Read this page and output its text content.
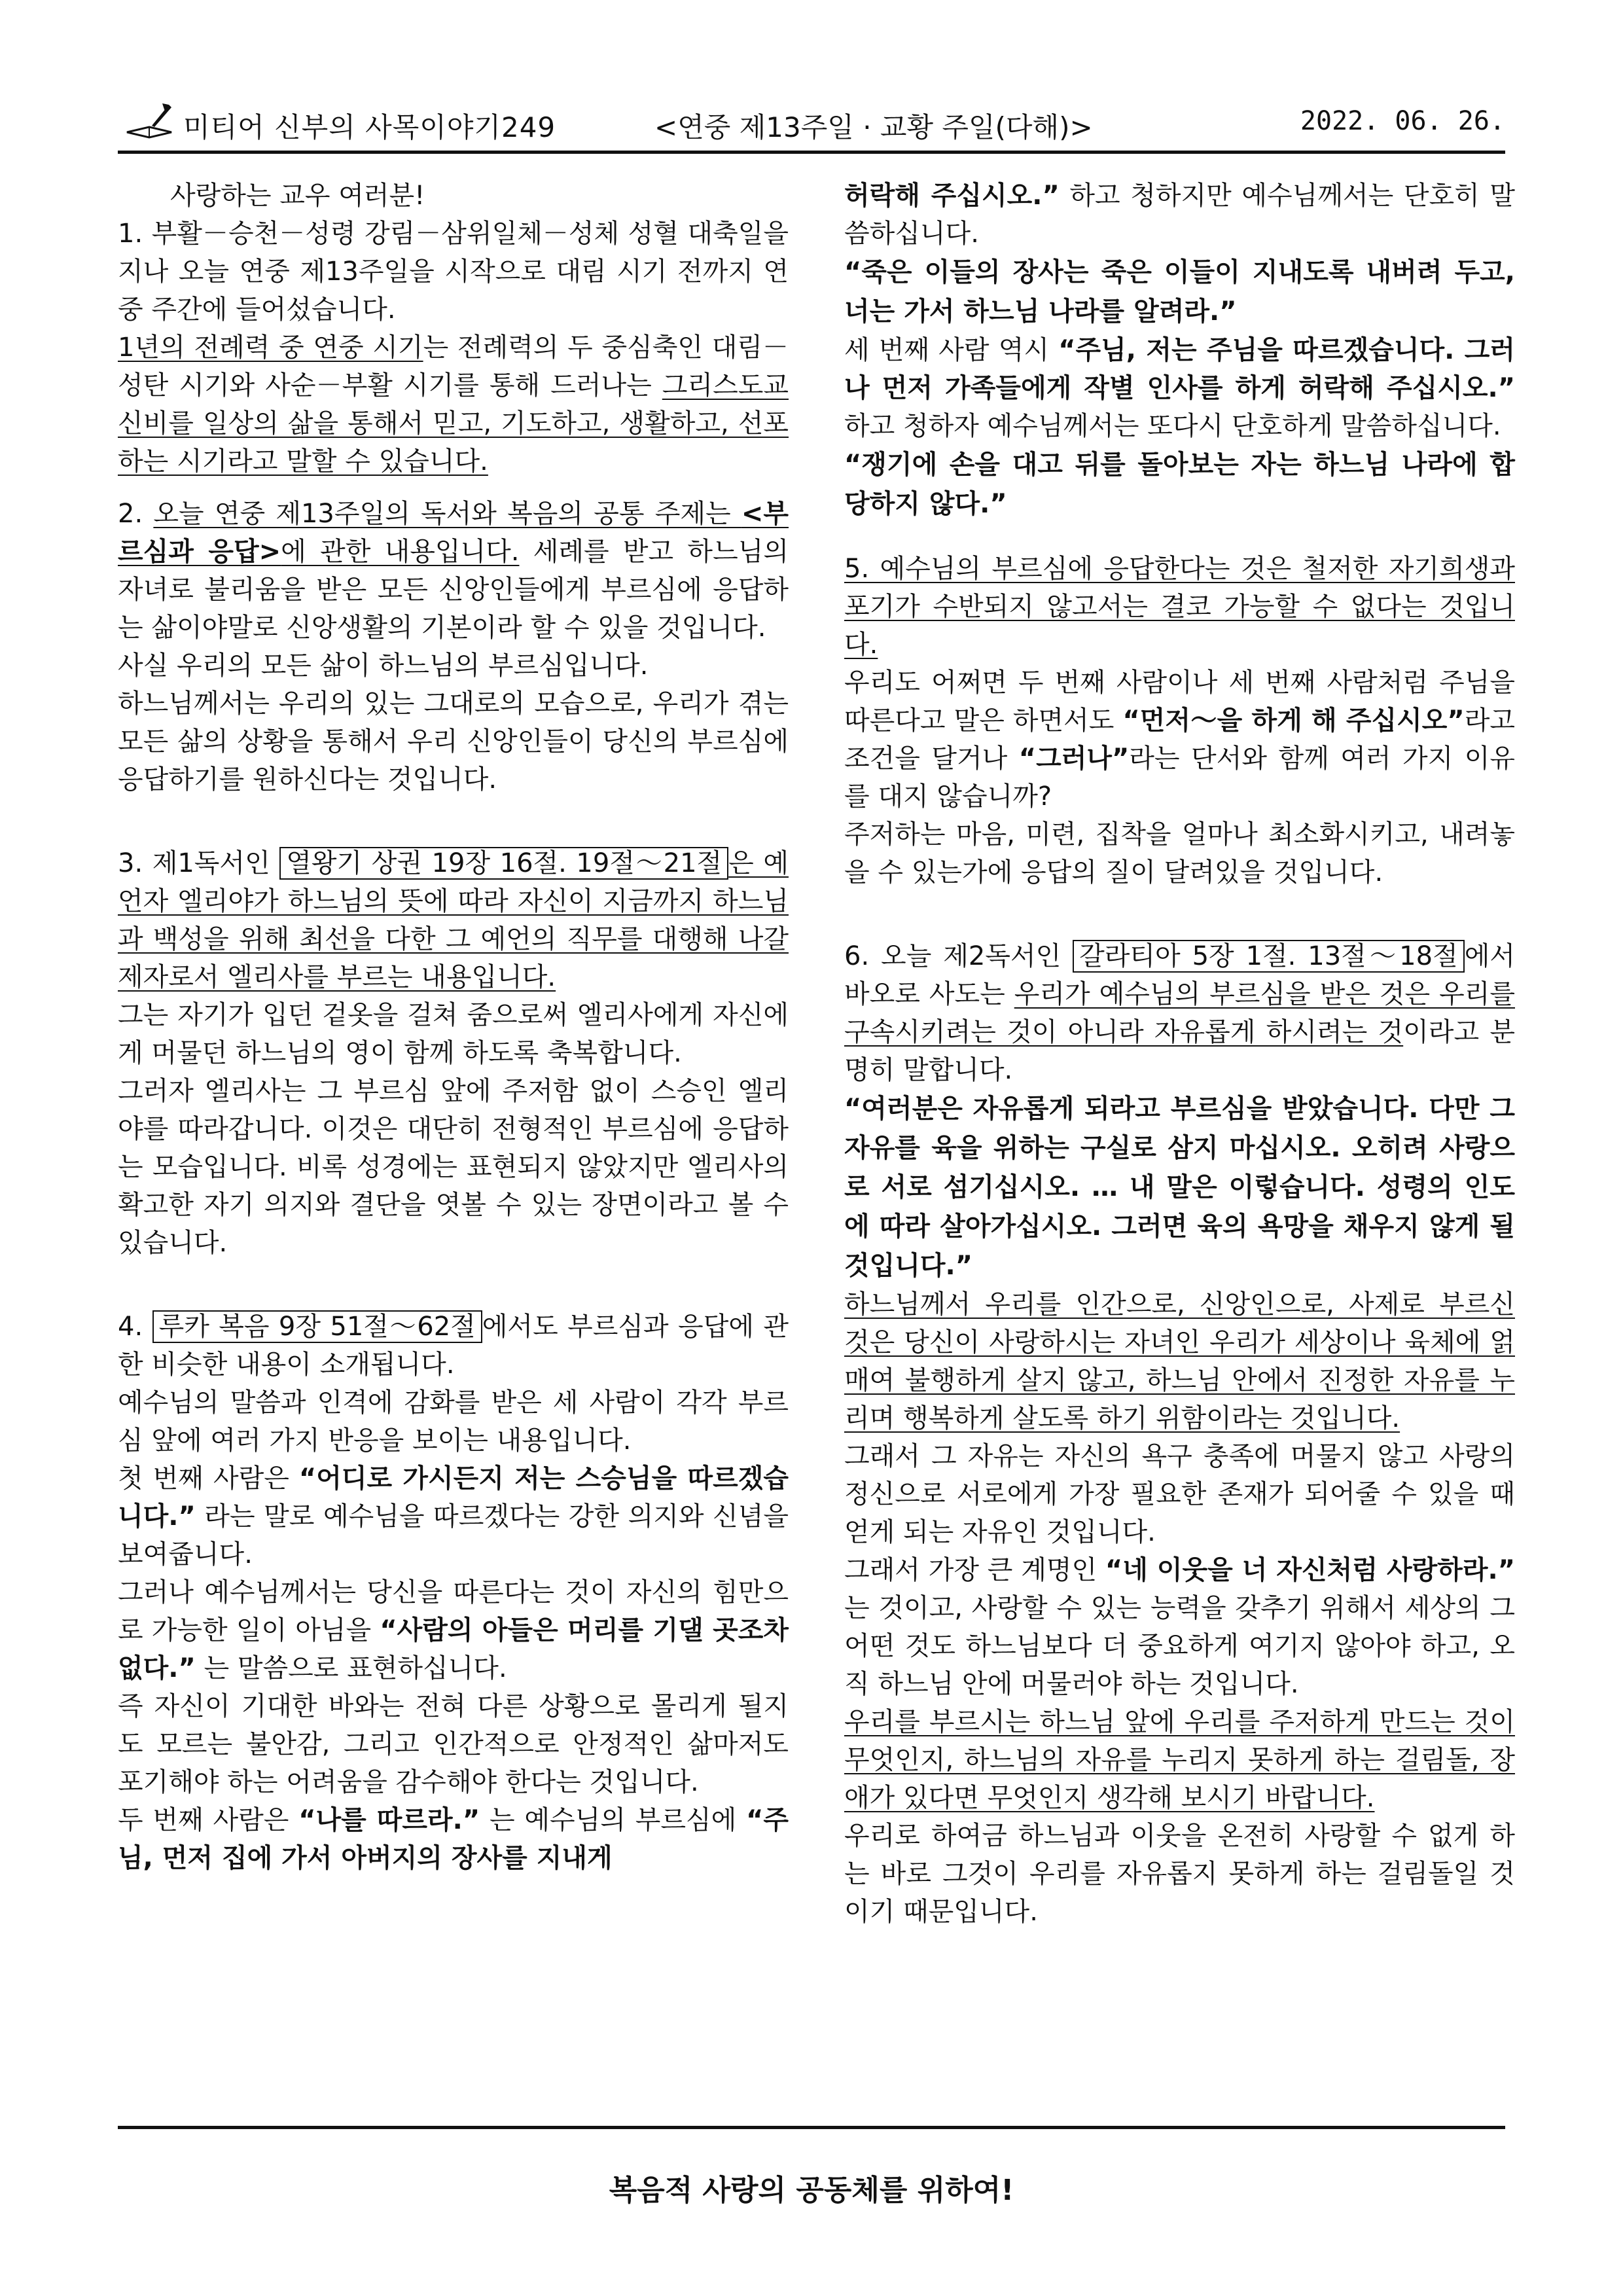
미티어 신부의 사목이야기249	<연중 제13주일 · 교황 주일(다해)>	2022. 06. 26.

사랑하는 교우 여러분!

1. 부활－승천－성령 강림－삼위일체－성체 성혈 대축일을 지나 오늘 연중 제13주일을 시작으로 대림 시기 전까지 연중 주간에 들어섰습니다.

1년의 전례력 중 연중 시기는 전례력의 두 중심축인 대림－성탄 시기와 사순－부활 시기를 통해 드러나는 그리스도교 신비를 일상의 삶을 통해서 믿고, 기도하고, 생활하고, 선포하는 시기라고 말할 수 있습니다.

2. 오늘 연중 제13주일의 독서와 복음의 공통 주제는 <부르심과 응답>에 관한 내용입니다. 세례를 받고 하느님의 자녀로 불리움을 받은 모든 신앙인들에게 부르심에 응답하는 삶이야말로 신앙생활의 기본이라 할 수 있을 것입니다.

사실 우리의 모든 삶이 하느님의 부르심입니다.

하느님께서는 우리의 있는 그대로의 모습으로, 우리가 겪는 모든 삶의 상황을 통해서 우리 신앙인들이 당신의 부르심에 응답하기를 원하신다는 것입니다.

3. 제1독서인 열왕기 상권 19장 16절. 19절～21절 은 예언자 엘리야가 하느님의 뜻에 따라 자신이 지금까지 하느님과 백성을 위해 최선을 다한 그 예언의 직무를 대행해 나갈 제자로서 엘리사를 부르는 내용입니다.

그는 자기가 입던 겉옷을 걸쳐 줌으로써 엘리사에게 자신에게 머물던 하느님의 영이 함께 하도록 축복합니다.

그러자 엘리사는 그 부르심 앞에 주저함 없이 스승인 엘리야를 따라갑니다. 이것은 대단히 전형적인 부르심에 응답하는 모습입니다. 비록 성경에는 표현되지 않았지만 엘리사의 확고한 자기 의지와 결단을 엿볼 수 있는 장면이라고 볼 수 있습니다.

4. 루카 복음 9장 51절～62절 에서도 부르심과 응답에 관한 비슷한 내용이 소개됩니다.

예수님의 말씀과 인격에 감화를 받은 세 사람이 각각 부르심 앞에 여러 가지 반응을 보이는 내용입니다.

첫 번째 사람은 “어디로 가시든지 저는 스승님을 따르겠습니다.” 라는 말로 예수님을 따르겠다는 강한 의지와 신념을 보여줍니다.

그러나 예수님께서는 당신을 따른다는 것이 자신의 힘만으로 가능한 일이 아님을 “사람의 아들은 머리를 기댈 곳조차 없다.” 는 말씀으로 표현하십니다.

즉 자신이 기대한 바와는 전혀 다른 상황으로 몰리게 될지도 모르는 불안감, 그리고 인간적으로 안정적인 삶마저도 포기해야 하는 어려움을 감수해야 한다는 것입니다.

두 번째 사람은 “나를 따르라.” 는 예수님의 부르심에 “주님, 먼저 집에 가서 아버지의 장사를 지내게

허락해 주십시오.” 하고 청하지만 예수님께서는 단호히 말씀하십니다.

“죽은 이들의 장사는 죽은 이들이 지내도록 내버려 두고, 너는 가서 하느님 나라를 알려라.”

세 번째 사람 역시 “주님, 저는 주님을 따르겠습니다. 그러나 먼저 가족들에게 작별 인사를 하게 허락해 주십시오.” 하고 청하자 예수님께서는 또다시 단호하게 말씀하십니다.

“쟁기에 손을 대고 뒤를 돌아보는 자는 하느님 나라에 합당하지 않다.”

5. 예수님의 부르심에 응답한다는 것은 철저한 자기희생과 포기가 수반되지 않고서는 결코 가능할 수 없다는 것입니다.

우리도 어쩌면 두 번째 사람이나 세 번째 사람처럼 주님을 따른다고 말은 하면서도 “먼저～을 하게 해 주십시오”라고 조건을 달거나 “그러나”라는 단서와 함께 여러 가지 이유를 대지 않습니까?

주저하는 마음, 미련, 집착을 얼마나 최소화시키고, 내려놓을 수 있는가에 응답의 질이 달려있을 것입니다.

6. 오늘 제2독서인 갈라티아 5장 1절. 13절～18절 에서 바오로 사도는 우리가 예수님의 부르심을 받은 것은 우리를 구속시키려는 것이 아니라 자유롭게 하시려는 것이라고 분명히 말합니다.

“여러분은 자유롭게 되라고 부르심을 받았습니다. 다만 그 자유를 육을 위하는 구실로 삼지 마십시오. 오히려 사랑으로 서로 섬기십시오. … 내 말은 이렇습니다. 성령의 인도에 따라 살아가십시오. 그러면 육의 욕망을 채우지 않게 될 것입니다.”

하느님께서 우리를 인간으로, 신앙인으로, 사제로 부르신 것은 당신이 사랑하시는 자녀인 우리가 세상이나 육체에 얽매여 불행하게 살지 않고, 하느님 안에서 진정한 자유를 누리며 행복하게 살도록 하기 위함이라는 것입니다.

그래서 그 자유는 자신의 욕구 충족에 머물지 않고 사랑의 정신으로 서로에게 가장 필요한 존재가 되어줄 수 있을 때 얻게 되는 자유인 것입니다.

그래서 가장 큰 계명인 “네 이웃을 너 자신처럼 사랑하라.” 는 것이고, 사랑할 수 있는 능력을 갖추기 위해서 세상의 그 어떤 것도 하느님보다 더 중요하게 여기지 않아야 하고, 오직 하느님 안에 머물러야 하는 것입니다.

우리를 부르시는 하느님 앞에 우리를 주저하게 만드는 것이 무엇인지, 하느님의 자유를 누리지 못하게 하는 걸림돌, 장애가 있다면 무엇인지 생각해 보시기 바랍니다.

우리로 하여금 하느님과 이웃을 온전히 사랑할 수 없게 하는 바로 그것이 우리를 자유롭지 못하게 하는 걸림돌일 것이기 때문입니다.

복음적 사랑의 공동체를 위하여!
